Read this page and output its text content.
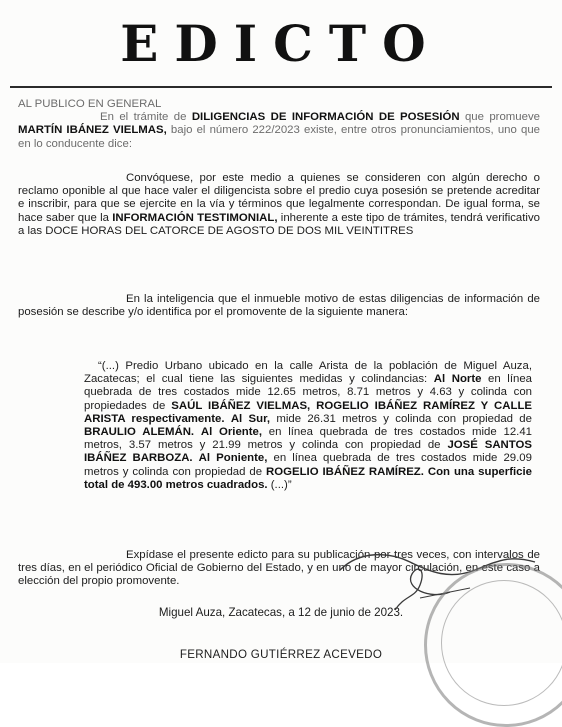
EDICTO
AL PUBLICO EN GENERAL
En el trámite de DILIGENCIAS DE INFORMACIÓN DE POSESIÓN que promueve MARTÍN IBÁNEZ VIELMAS, bajo el número 222/2023 existe, entre otros pronunciamientos, uno que en lo conducente dice:
Convóquese, por este medio a quienes se consideren con algún derecho o reclamo oponible al que hace valer el diligencista sobre el predio cuya posesión se pretende acreditar e inscribir, para que se ejercite en la vía y términos que legalmente correspondan. De igual forma, se hace saber que la INFORMACIÓN TESTIMONIAL, inherente a este tipo de trámites, tendrá verificativo a las DOCE HORAS DEL CATORCE DE AGOSTO DE DOS MIL VEINTITRES
En la inteligencia que el inmueble motivo de estas diligencias de información de posesión se describe y/o identifica por el promovente de la siguiente manera:
“(...) Predio Urbano ubicado en la calle Arista de la población de Miguel Auza, Zacatecas; el cual tiene las siguientes medidas y colindancias: Al Norte en línea quebrada de tres costados mide 12.65 metros, 8.71 metros y 4.63 y colinda con propiedades de SAÚL IBÁÑEZ VIELMAS, ROGELIO IBÁÑEZ RAMÍREZ Y CALLE ARISTA respectivamente. Al Sur, mide 26.31 metros y colinda con propiedad de BRAULIO ALEMÁN. Al Oriente, en línea quebrada de tres costados mide 12.41 metros, 3.57 metros y 21.99 metros y colinda con propiedad de JOSÉ SANTOS IBÁÑEZ BARBOZA. Al Poniente, en línea quebrada de tres costados mide 29.09 metros y colinda con propiedad de ROGELIO IBÁÑEZ RAMÍREZ. Con una superficie total de 493.00 metros cuadrados. (...)”
Expídase el presente edicto para su publicación por tres veces, con intervalos de tres días, en el periódico Oficial de Gobierno del Estado, y en uno de mayor circulación, en este caso a elección del propio promovente.
Miguel Auza, Zacatecas, a 12 de junio de 2023.
FERNANDO GUTIÉRREZ ACEVEDO
